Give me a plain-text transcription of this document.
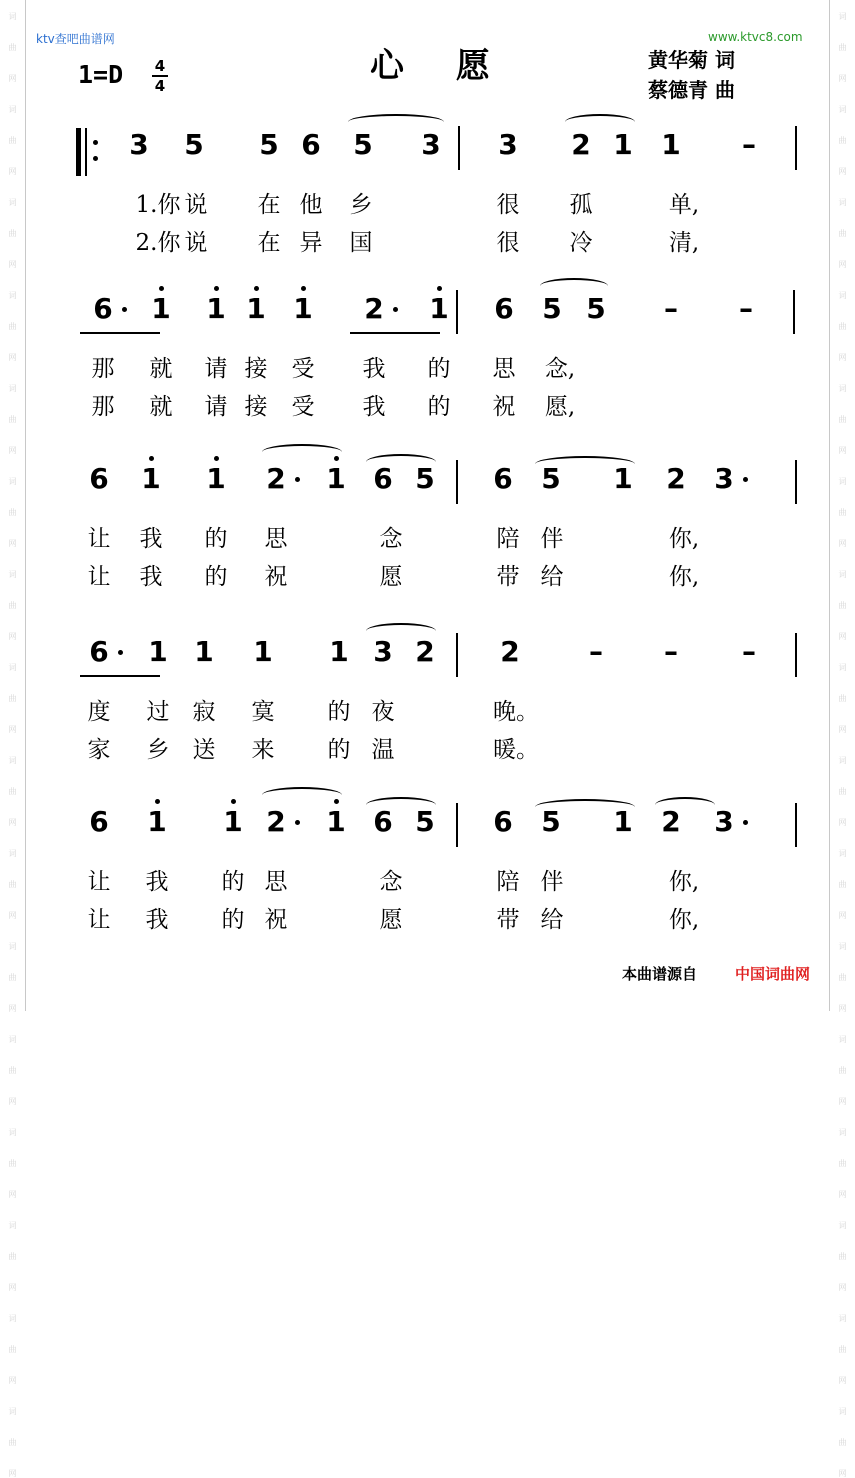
词
曲
网
词
曲
网
词
曲
网
词
曲
网
词
曲
网
词
曲
网
词
曲
网
词
曲
网
词
曲
网
词
曲
网
词
曲
网
词
曲
网
词
曲
网
词
曲
网
词
曲
网
词
曲
网
词
曲
网
词
曲
网
词
曲
网
词
曲
网
词
曲
网
词
曲
网
词
曲
网
词
曲
网
词
曲
网
词
曲
网
词
曲
网
词
曲
网
词
曲
网
词
曲
网
词
曲
网
词
曲
网
ktv查吧曲谱网	www.ktvc8.com
1=D 4
4	心 愿	黄华菊 词
蔡德青 曲
3 5 5 6 5 3 3 2 1 1 –
1.你 说 在 他 乡	很 孤	单,
2.你 说 在 异 国	很 冷	清,
6 1 1 1 1 2 1 6 5 5 – –
那 就 请 接 受 我 的 思	念,
那 就 请 接 受 我 的 祝	愿,
6 1 1 2 1 6 5 6 5 1 2 3
让 我 的 思	念	陪 伴	你,
让 我 的 祝	愿	带 给	你,
6 1 1 1 1 3 2 2 – – –
度 过 寂 寞 的 夜	晚。
家 乡 送 来 的 温	暖。
6 1 1 2 1 6 5 6 5 1 2 3
让 我 的 思	念	陪 伴	你,
让 我 的 祝	愿	带 给	你,
本曲谱源自	中国词曲网
